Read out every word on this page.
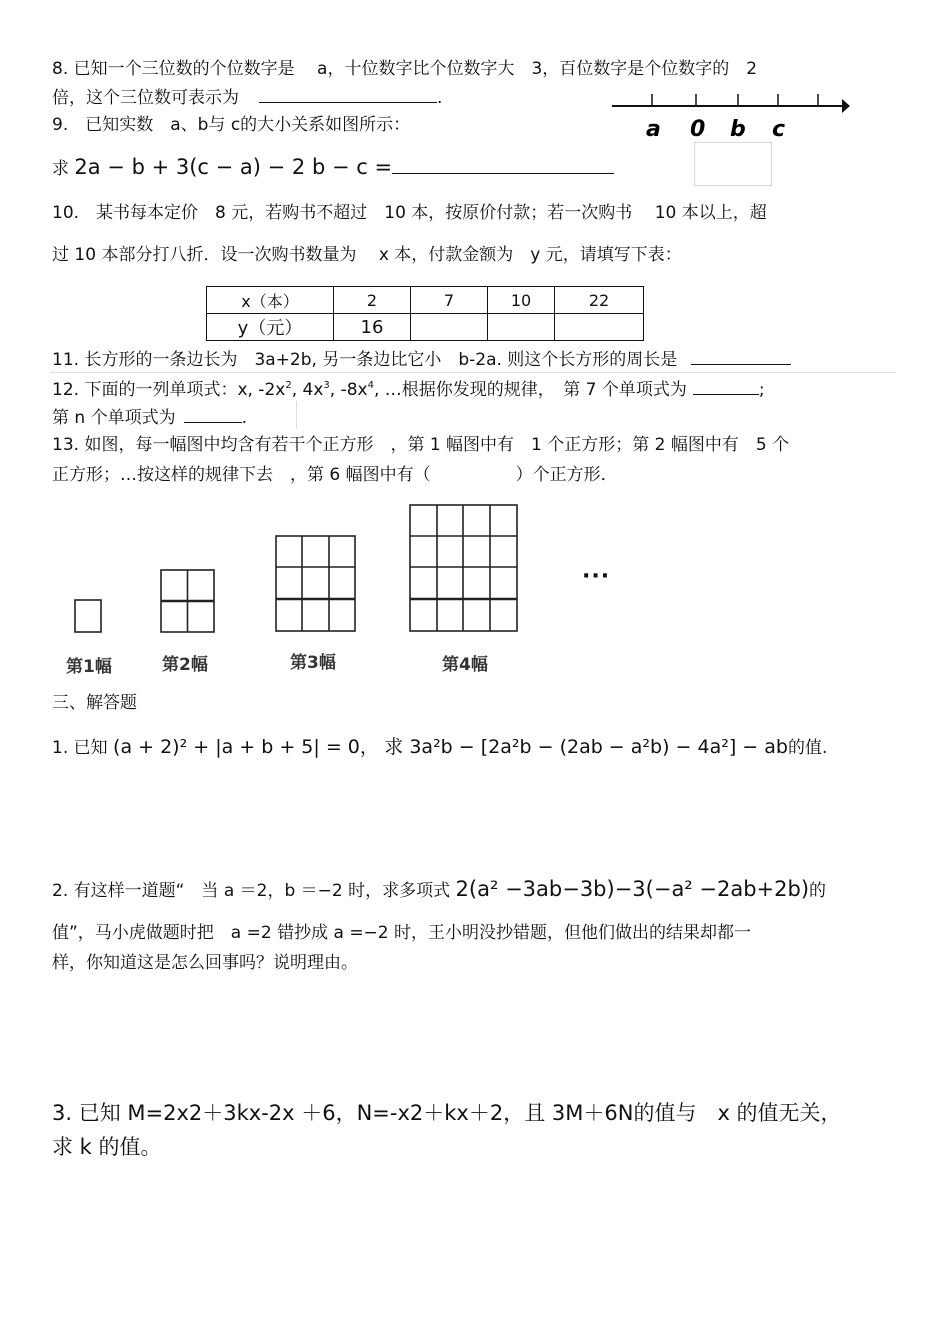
8. 已知一个三位数的个位数字是　 a，十位数字比个位数字大　3，百位数字是个位数字的　2
倍，这个三位数可表示为	.
a 0 b c
9.　已知实数　a、b与 c的大小关系如图所示：
求 2a − b + 3(c − a) − 2 b − c =
10.　某书每本定价　8 元，若购书不超过　10 本，按原价付款；若一次购书　 10 本以上，超
过 10 本部分打八折．设一次购书数量为　 x 本，付款金额为　y 元，请填写下表：
x（本）	2	7	10	22
y（元）	16			
11. 长方形的一条边长为　3a+2b, 另一条边比它小　b-2a. 则这个长方形的周长是
12. 下面的一列单项式：x, $-2x^2$, $4x^3$, $-8x^4$, …根据你发现的规律，　第 7 个单项式为	;
第 n 个单项式为	.
13. 如图，每一幅图中均含有若干个正方形　，第 1 幅图中有　1 个正方形；第 2 幅图中有　5 个
正方形；…按这样的规律下去　，第 6 幅图中有（　　　　　）个正方形．
第1幅	第2幅	第3幅	第4幅
···
三、解答题
1. 已知 (a + 2)² + |a + b + 5| = 0， 求 3a²b − [2a²b − (2ab − a²b) − 4a²] − ab的值.
2. 有这样一道题“　当 a ＝2，b ＝−2 时，求多项式 2(a² −3ab−3b)−3(−a² −2ab+2b)的
值”，马小虎做题时把　a =2 错抄成 a =−2 时，王小明没抄错题，但他们做出的结果却都一
样，你知道这是怎么回事吗？说明理由。
3. 已知 M=2x2＋3kx-2x ＋6，N=-x2＋kx＋2，且 3M＋6N的值与　x 的值无关，
求 k 的值。
